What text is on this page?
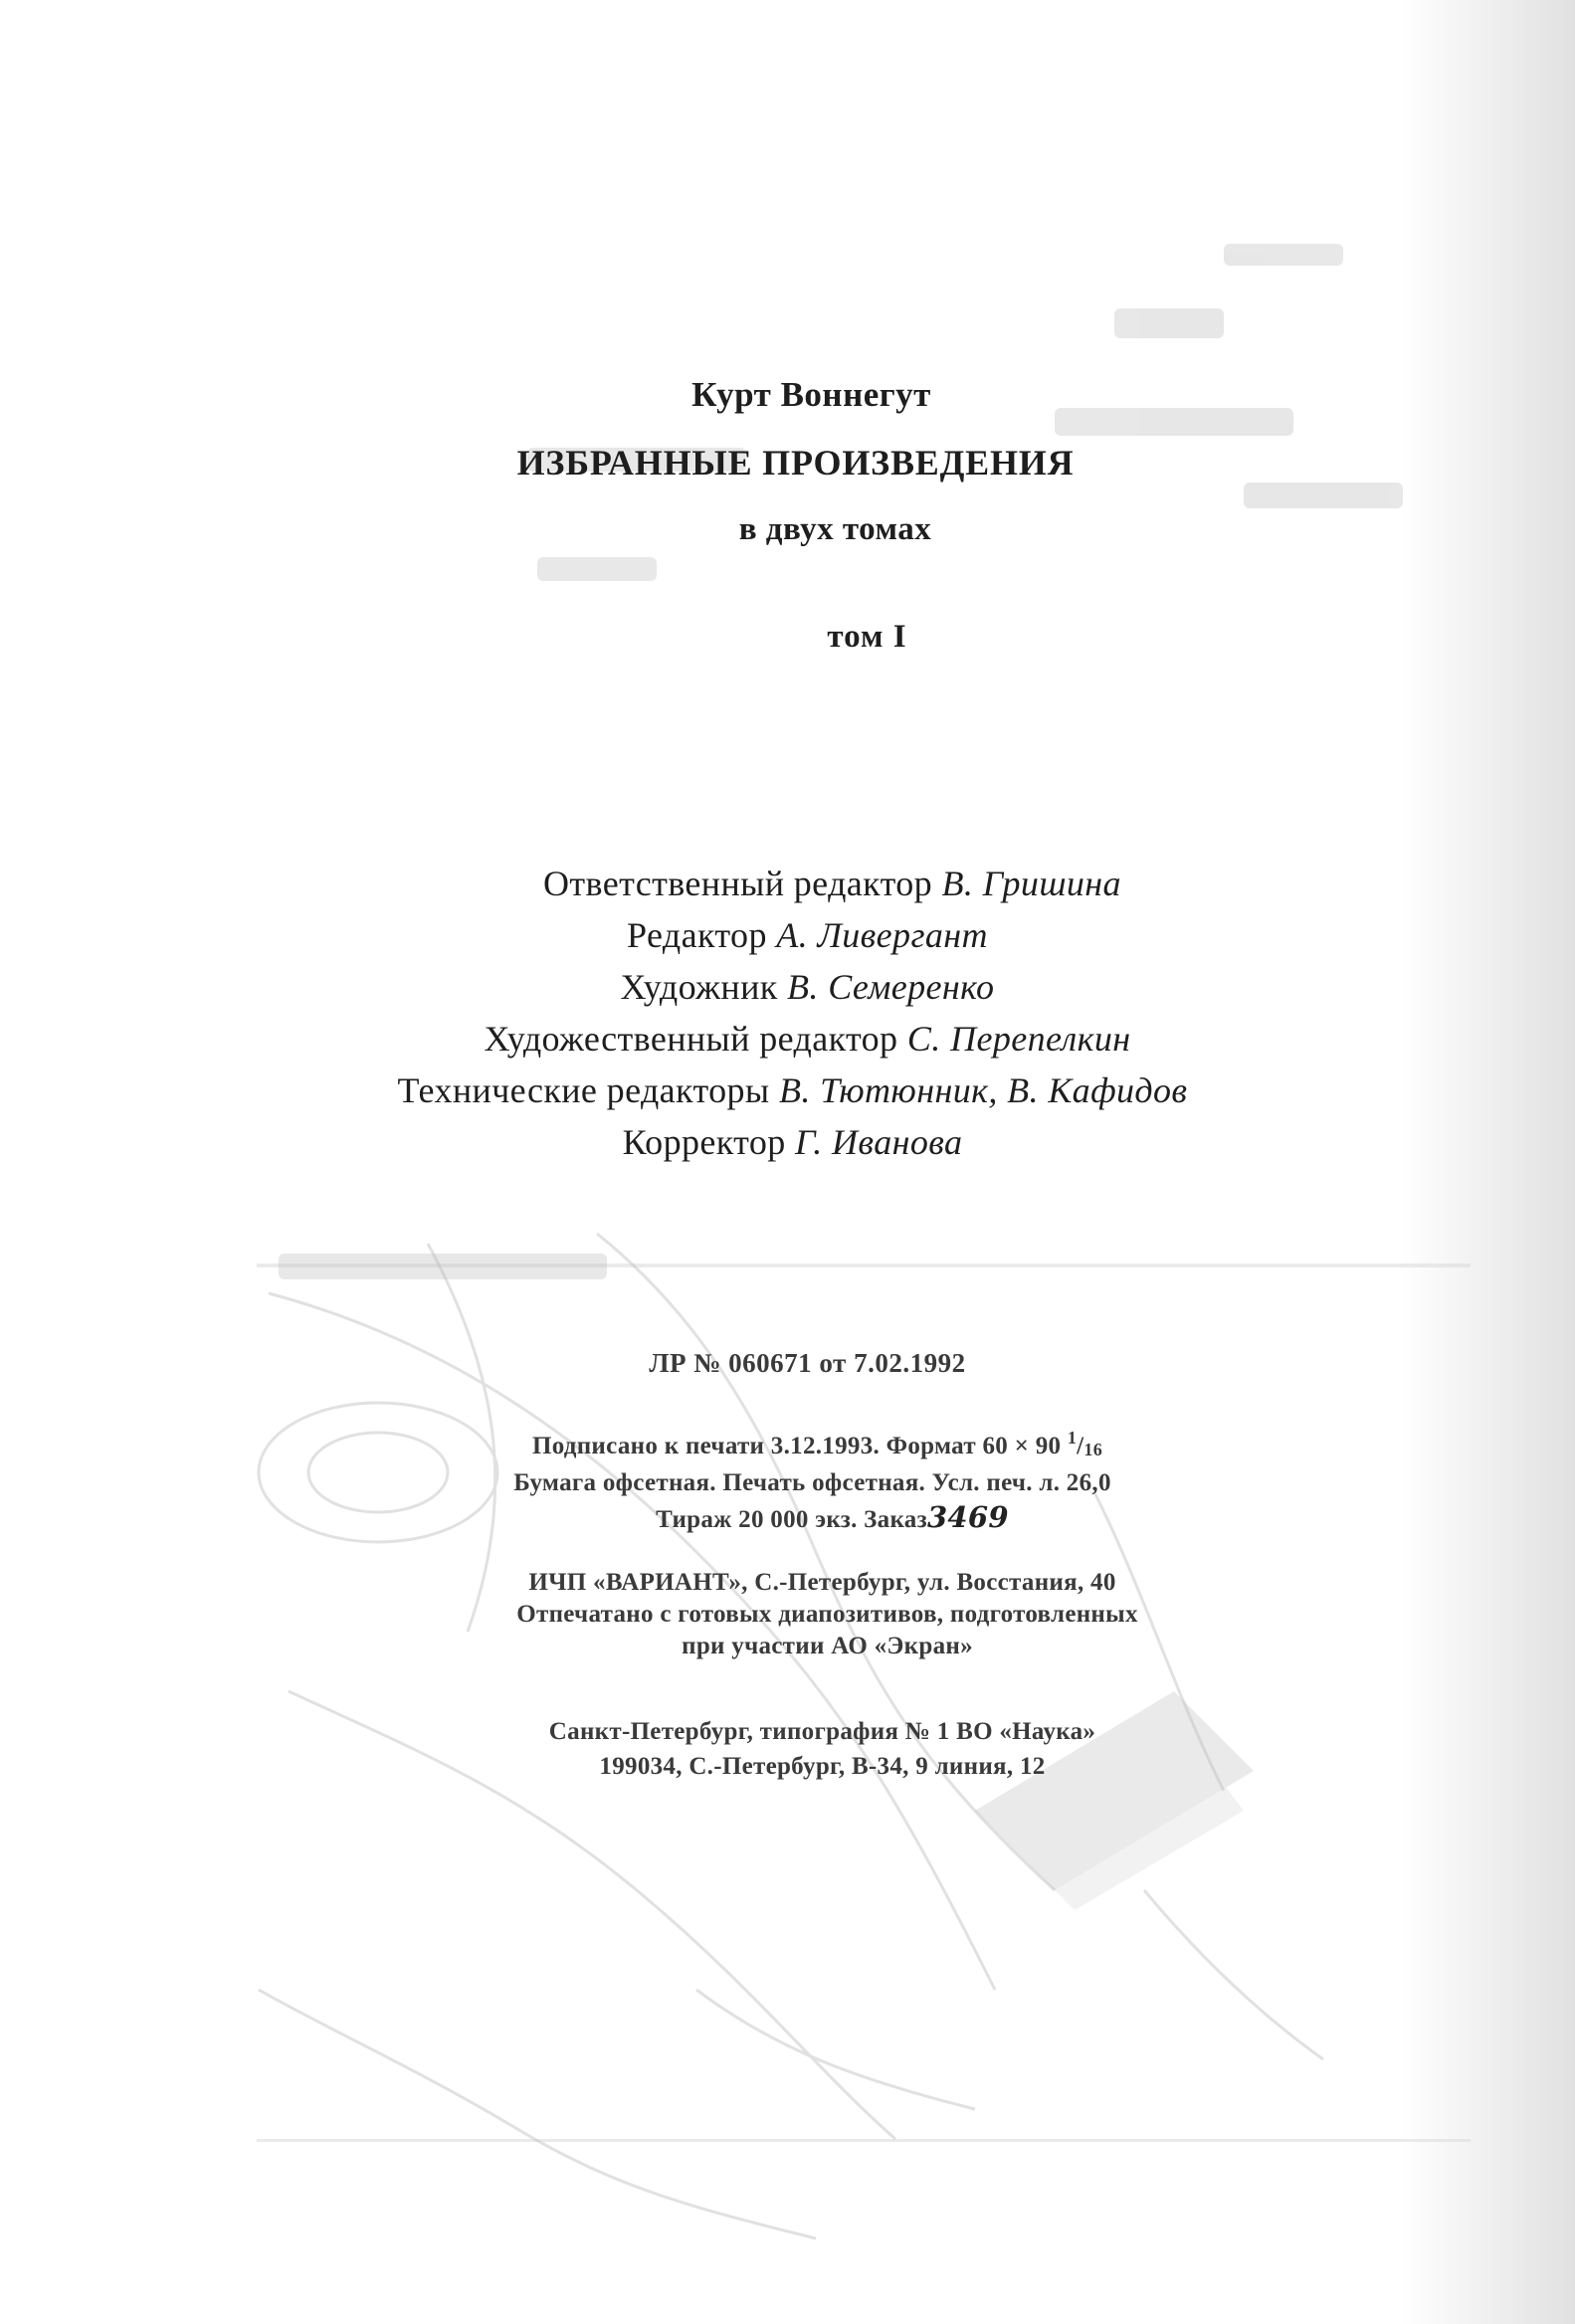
Курт Воннегут
ИЗБРАННЫЕ ПРОИЗВЕДЕНИЯ
в двух томах
том I
Ответственный редактор В. Гришина
Редактор А. Ливергант
Художник В. Семеренко
Художественный редактор С. Перепелкин
Технические редакторы В. Тютюнник, В. Кафидов
Корректор Г. Иванова
ЛР № 060671 от 7.02.1992
Подписано к печати 3.12.1993. Формат 60 × 90 $^1/_{16}$
Бумага офсетная. Печать офсетная. Усл. печ. л. 26,0
Тираж 20 000 экз. Заказ3469
ИЧП «ВАРИАНТ», С.-Петербург, ул. Восстания, 40
Отпечатано с готовых диапозитивов, подготовленных
при участии АО «Экран»
Санкт-Петербург, типография № 1 ВО «Наука»
199034, С.-Петербург, В-34, 9 линия, 12
